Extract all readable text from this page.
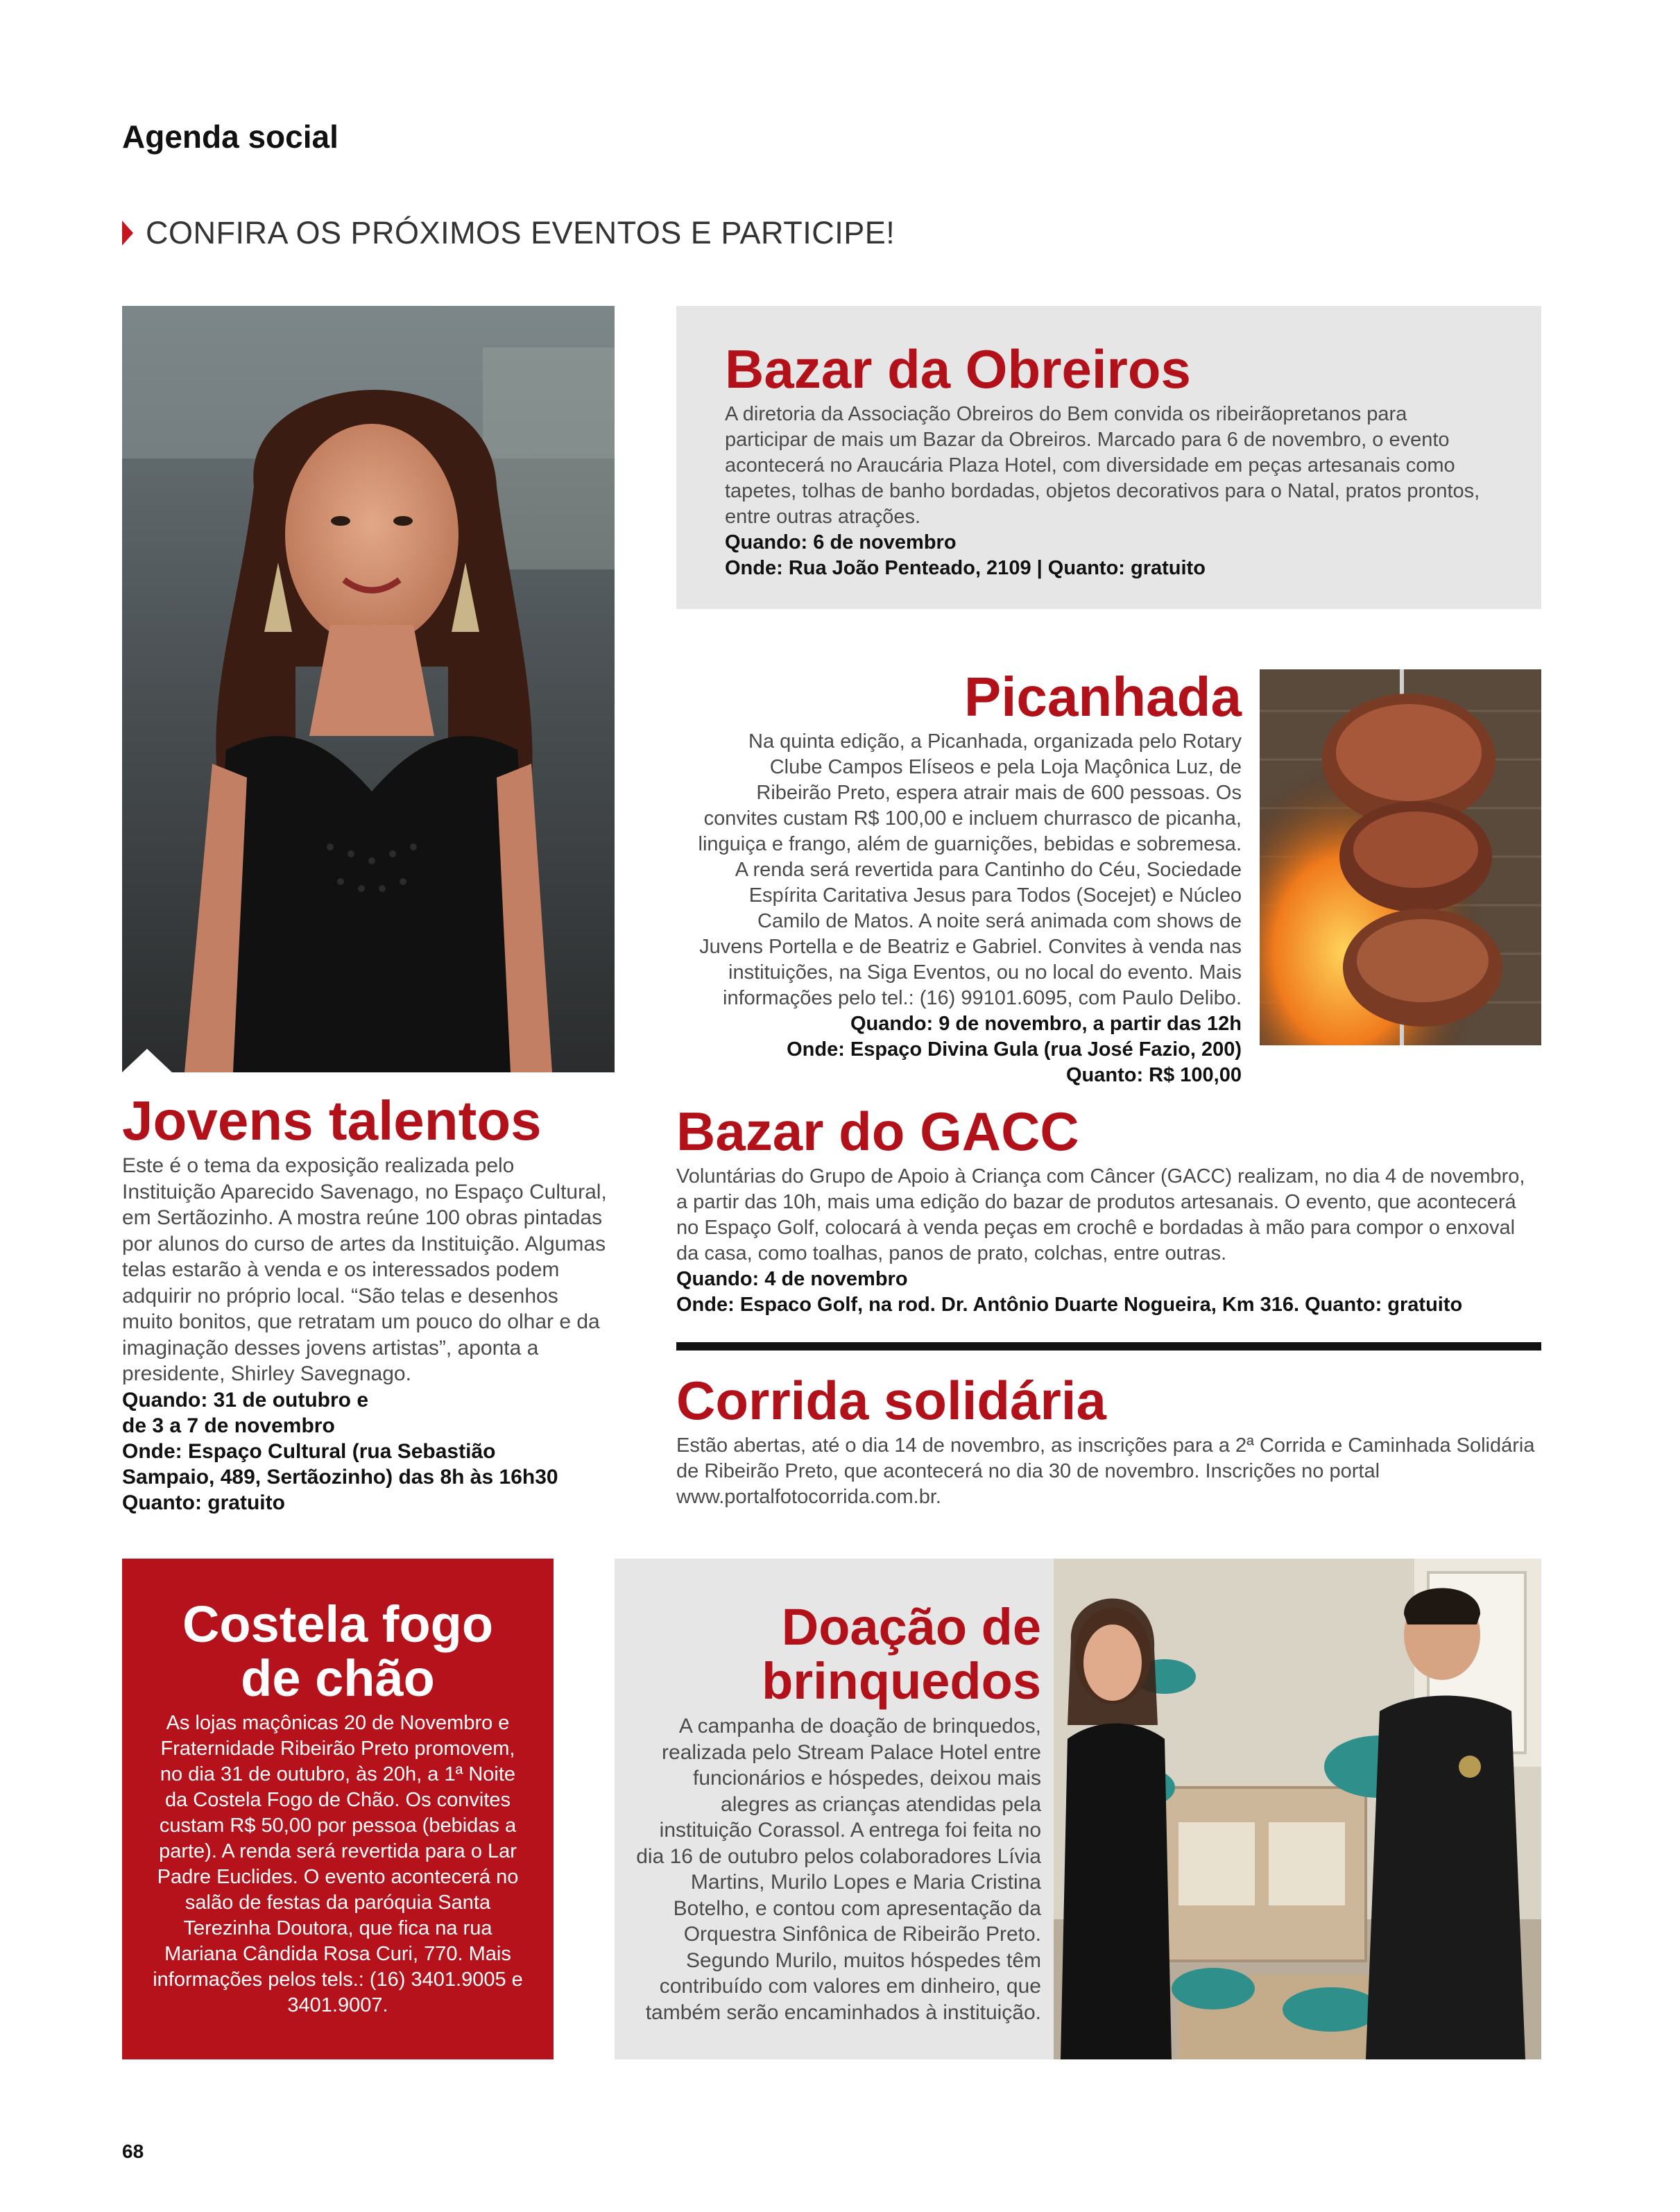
Agenda social
CONFIRA OS PRÓXIMOS EVENTOS E PARTICIPE!
Bazar da Obreiros

A diretoria da Associação Obreiros do Bem convida os ribeirãopretanos para participar de mais um Bazar da Obreiros. Marcado para 6 de novembro, o evento acontecerá no Araucária Plaza Hotel, com diversidade em peças artesanais como tapetes, tolhas de banho bordadas, objetos decorativos para o Natal, pratos prontos, entre outras atrações.

Quando: 6 de novembro

Onde: Rua João Penteado, 2109 | Quanto: gratuito

Picanhada

Na quinta edição, a Picanhada, organizada pelo Rotary Clube Campos Elíseos e pela Loja Maçônica Luz, de Ribeirão Preto, espera atrair mais de 600 pessoas. Os convites custam R$ 100,00 e incluem churrasco de picanha, linguiça e frango, além de guarnições, bebidas e sobremesa. A renda será revertida para Cantinho do Céu, Sociedade Espírita Caritativa Jesus para Todos (Socejet) e Núcleo Camilo de Matos. A noite será animada com shows de Juvens Portella e de Beatriz e Gabriel. Convites à venda nas instituições, na Siga Eventos, ou no local do evento. Mais informações pelo tel.: (16) 99101.6095, com Paulo Delibo.

Quando: 9 de novembro, a partir das 12h

Onde: Espaço Divina Gula (rua José Fazio, 200)

Quanto: R$ 100,00

Jovens talentos

Este é o tema da exposição realizada pelo Instituição Aparecido Savenago, no Espaço Cultural, em Sertãozinho. A mostra reúne 100 obras pintadas por alunos do curso de artes da Instituição. Algumas telas estarão à venda e os interessados podem adquirir no próprio local. “São telas e desenhos muito bonitos, que retratam um pouco do olhar e da imaginação desses jovens artistas”, aponta a presidente, Shirley Savegnago.

Quando: 31 de outubro e

de 3 a 7 de novembro

Onde: Espaço Cultural (rua Sebastião

Sampaio, 489, Sertãozinho) das 8h às 16h30

Quanto: gratuito

Bazar do GACC

Voluntárias do Grupo de Apoio à Criança com Câncer (GACC) realizam, no dia 4 de novembro, a partir das 10h, mais uma edição do bazar de produtos artesanais. O evento, que acontecerá no Espaço Golf, colocará à venda peças em crochê e bordadas à mão para compor o enxoval da casa, como toalhas, panos de prato, colchas, entre outras.

Quando: 4 de novembro

Onde: Espaco Golf, na rod. Dr. Antônio Duarte Nogueira, Km 316. Quanto: gratuito

Corrida solidária

Estão abertas, até o dia 14 de novembro, as inscrições para a 2ª Corrida e Caminhada Solidária de Ribeirão Preto, que acontecerá no dia 30 de novembro. Inscrições no portal www.portalfotocorrida.com.br.

Costela fogo
de chão

As lojas maçônicas 20 de Novembro e Fraternidade Ribeirão Preto promovem, no dia 31 de outubro, às 20h, a 1ª Noite da Costela Fogo de Chão. Os convites custam R$ 50,00 por pessoa (bebidas a parte). A renda será revertida para o Lar Padre Euclides. O evento acontecerá no salão de festas da paróquia Santa Terezinha Doutora, que fica na rua Mariana Cândida Rosa Curi, 770. Mais informações pelos tels.: (16) 3401.9005 e 3401.9007.

Doação de
brinquedos

A campanha de doação de brinquedos, realizada pelo Stream Palace Hotel entre funcionários e hóspedes, deixou mais alegres as crianças atendidas pela instituição Corassol. A entrega foi feita no dia 16 de outubro pelos colaboradores Lívia Martins, Murilo Lopes e Maria Cristina Botelho, e contou com apresentação da Orquestra Sinfônica de Ribeirão Preto. Segundo Murilo, muitos hóspedes têm contribuído com valores em dinheiro, que também serão encaminhados à instituição.

68
